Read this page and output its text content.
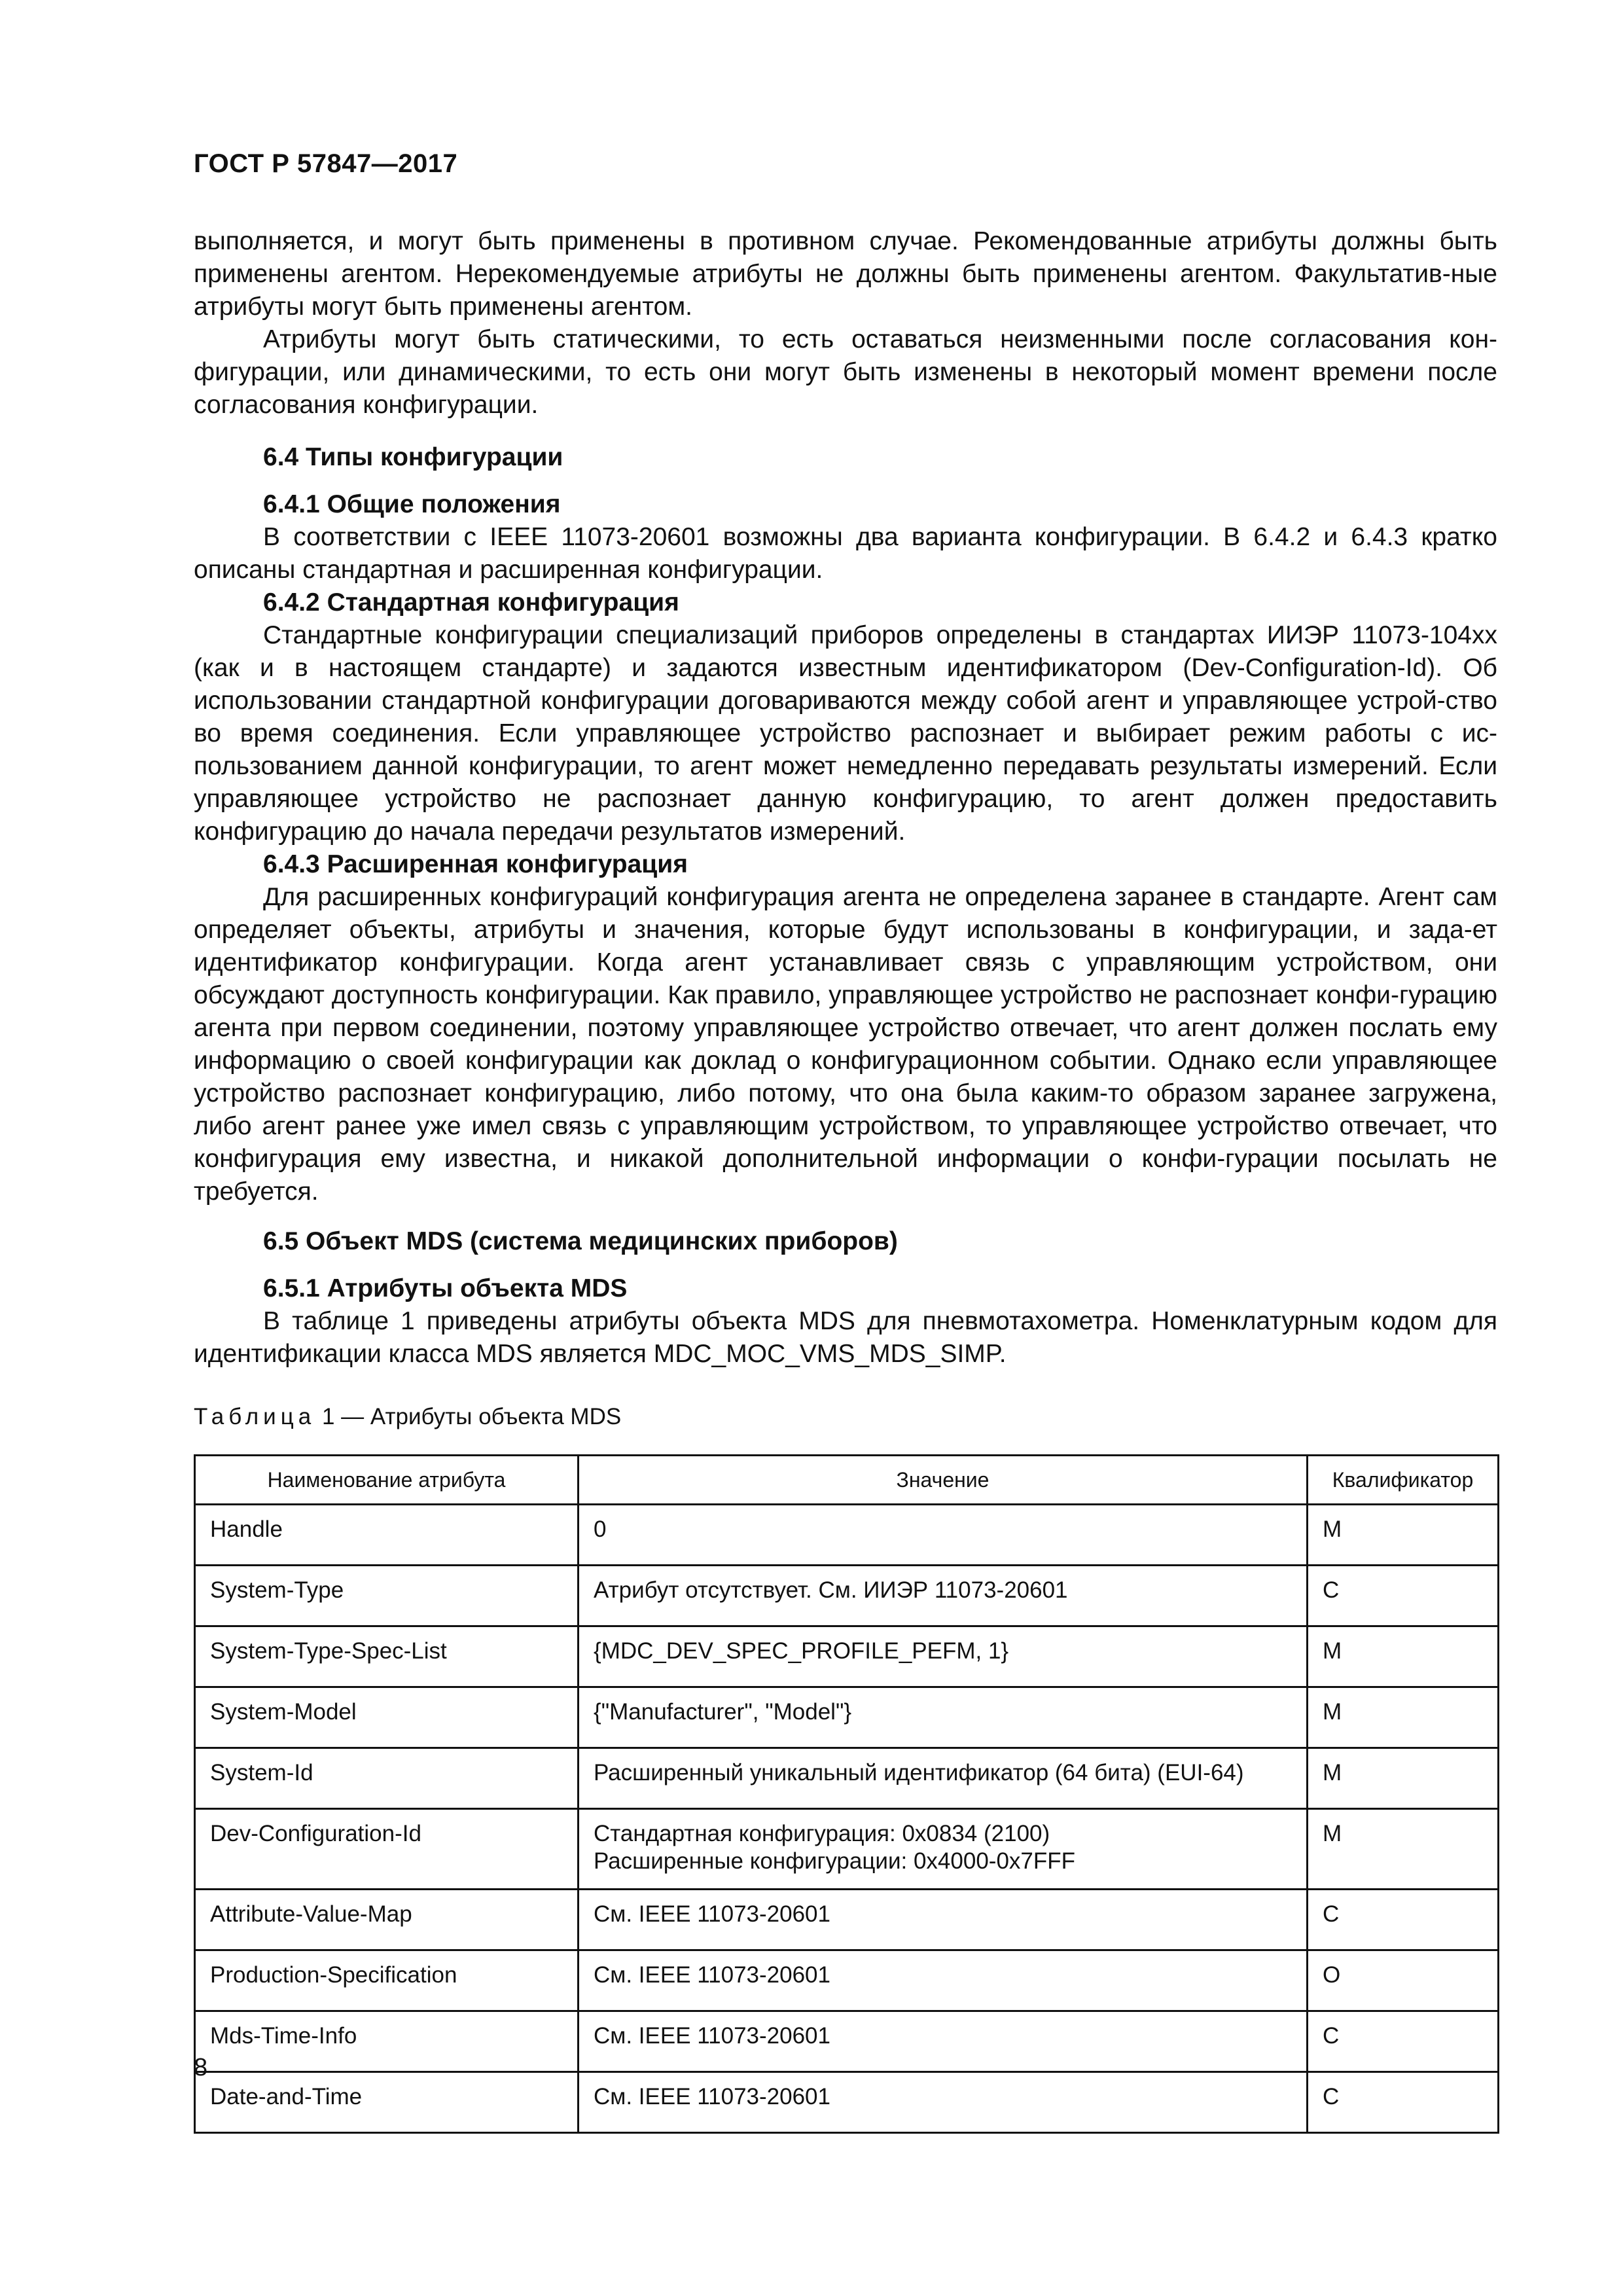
ГОСТ Р 57847—2017

выполняется, и могут быть применены в противном случае. Рекомендованные атрибуты должны быть применены агентом. Нерекомендуемые атрибуты не должны быть применены агентом. Факультатив-ные атрибуты могут быть применены агентом.

Атрибуты могут быть статическими, то есть оставаться неизменными после согласования кон-фигурации, или динамическими, то есть они могут быть изменены в некоторый момент времени после согласования конфигурации.

6.4 Типы конфигурации

6.4.1 Общие положения

В соответствии с IEEE 11073-20601 возможны два варианта конфигурации. В 6.4.2 и 6.4.3 кратко описаны стандартная и расширенная конфигурации.

6.4.2 Стандартная конфигурация

Стандартные конфигурации специализаций приборов определены в стандартах ИИЭР 11073-104xx (как и в настоящем стандарте) и задаются известным идентификатором (Dev-Configuration-Id). Об использовании стандартной конфигурации договариваются между собой агент и управляющее устрой-ство во время соединения. Если управляющее устройство распознает и выбирает режим работы с ис-пользованием данной конфигурации, то агент может немедленно передавать результаты измерений. Если управляющее устройство не распознает данную конфигурацию, то агент должен предоставить конфигурацию до начала передачи результатов измерений.

6.4.3 Расширенная конфигурация

Для расширенных конфигураций конфигурация агента не определена заранее в стандарте. Агент сам определяет объекты, атрибуты и значения, которые будут использованы в конфигурации, и зада-ет идентификатор конфигурации. Когда агент устанавливает связь с управляющим устройством, они обсуждают доступность конфигурации. Как правило, управляющее устройство не распознает конфи-гурацию агента при первом соединении, поэтому управляющее устройство отвечает, что агент должен послать ему информацию о своей конфигурации как доклад о конфигурационном событии. Однако если управляющее устройство распознает конфигурацию, либо потому, что она была каким-то образом заранее загружена, либо агент ранее уже имел связь с управляющим устройством, то управляющее устройство отвечает, что конфигурация ему известна, и никакой дополнительной информации о конфи-гурации посылать не требуется.

6.5 Объект MDS (система медицинских приборов)

6.5.1 Атрибуты объекта MDS

В таблице 1 приведены атрибуты объекта MDS для пневмотахометра. Номенклатурным кодом для идентификации класса MDS является MDC_MOC_VMS_MDS_SIMP.

Таблица 1 — Атрибуты объекта MDS
Наименование атрибута	Значение	Квалификатор
Handle	0	M
System-Type	Атрибут отсутствует. См. ИИЭР 11073-20601	C
System-Type-Spec-List	{MDC_DEV_SPEC_PROFILE_PEFM, 1}	M
System-Model	{"Manufacturer", "Model"}	M
System-Id	Расширенный уникальный идентификатор (64 бита) (EUI-64)	M
Dev-Configuration-Id	Стандартная конфигурация: 0x0834 (2100)
Расширенные конфигурации: 0x4000-0x7FFF	M
Attribute-Value-Map	См. IEEE 11073-20601	C
Production-Specification	См. IEEE 11073-20601	O
Mds-Time-Info	См. IEEE 11073-20601	C
Date-and-Time	См. IEEE 11073-20601	C
8
